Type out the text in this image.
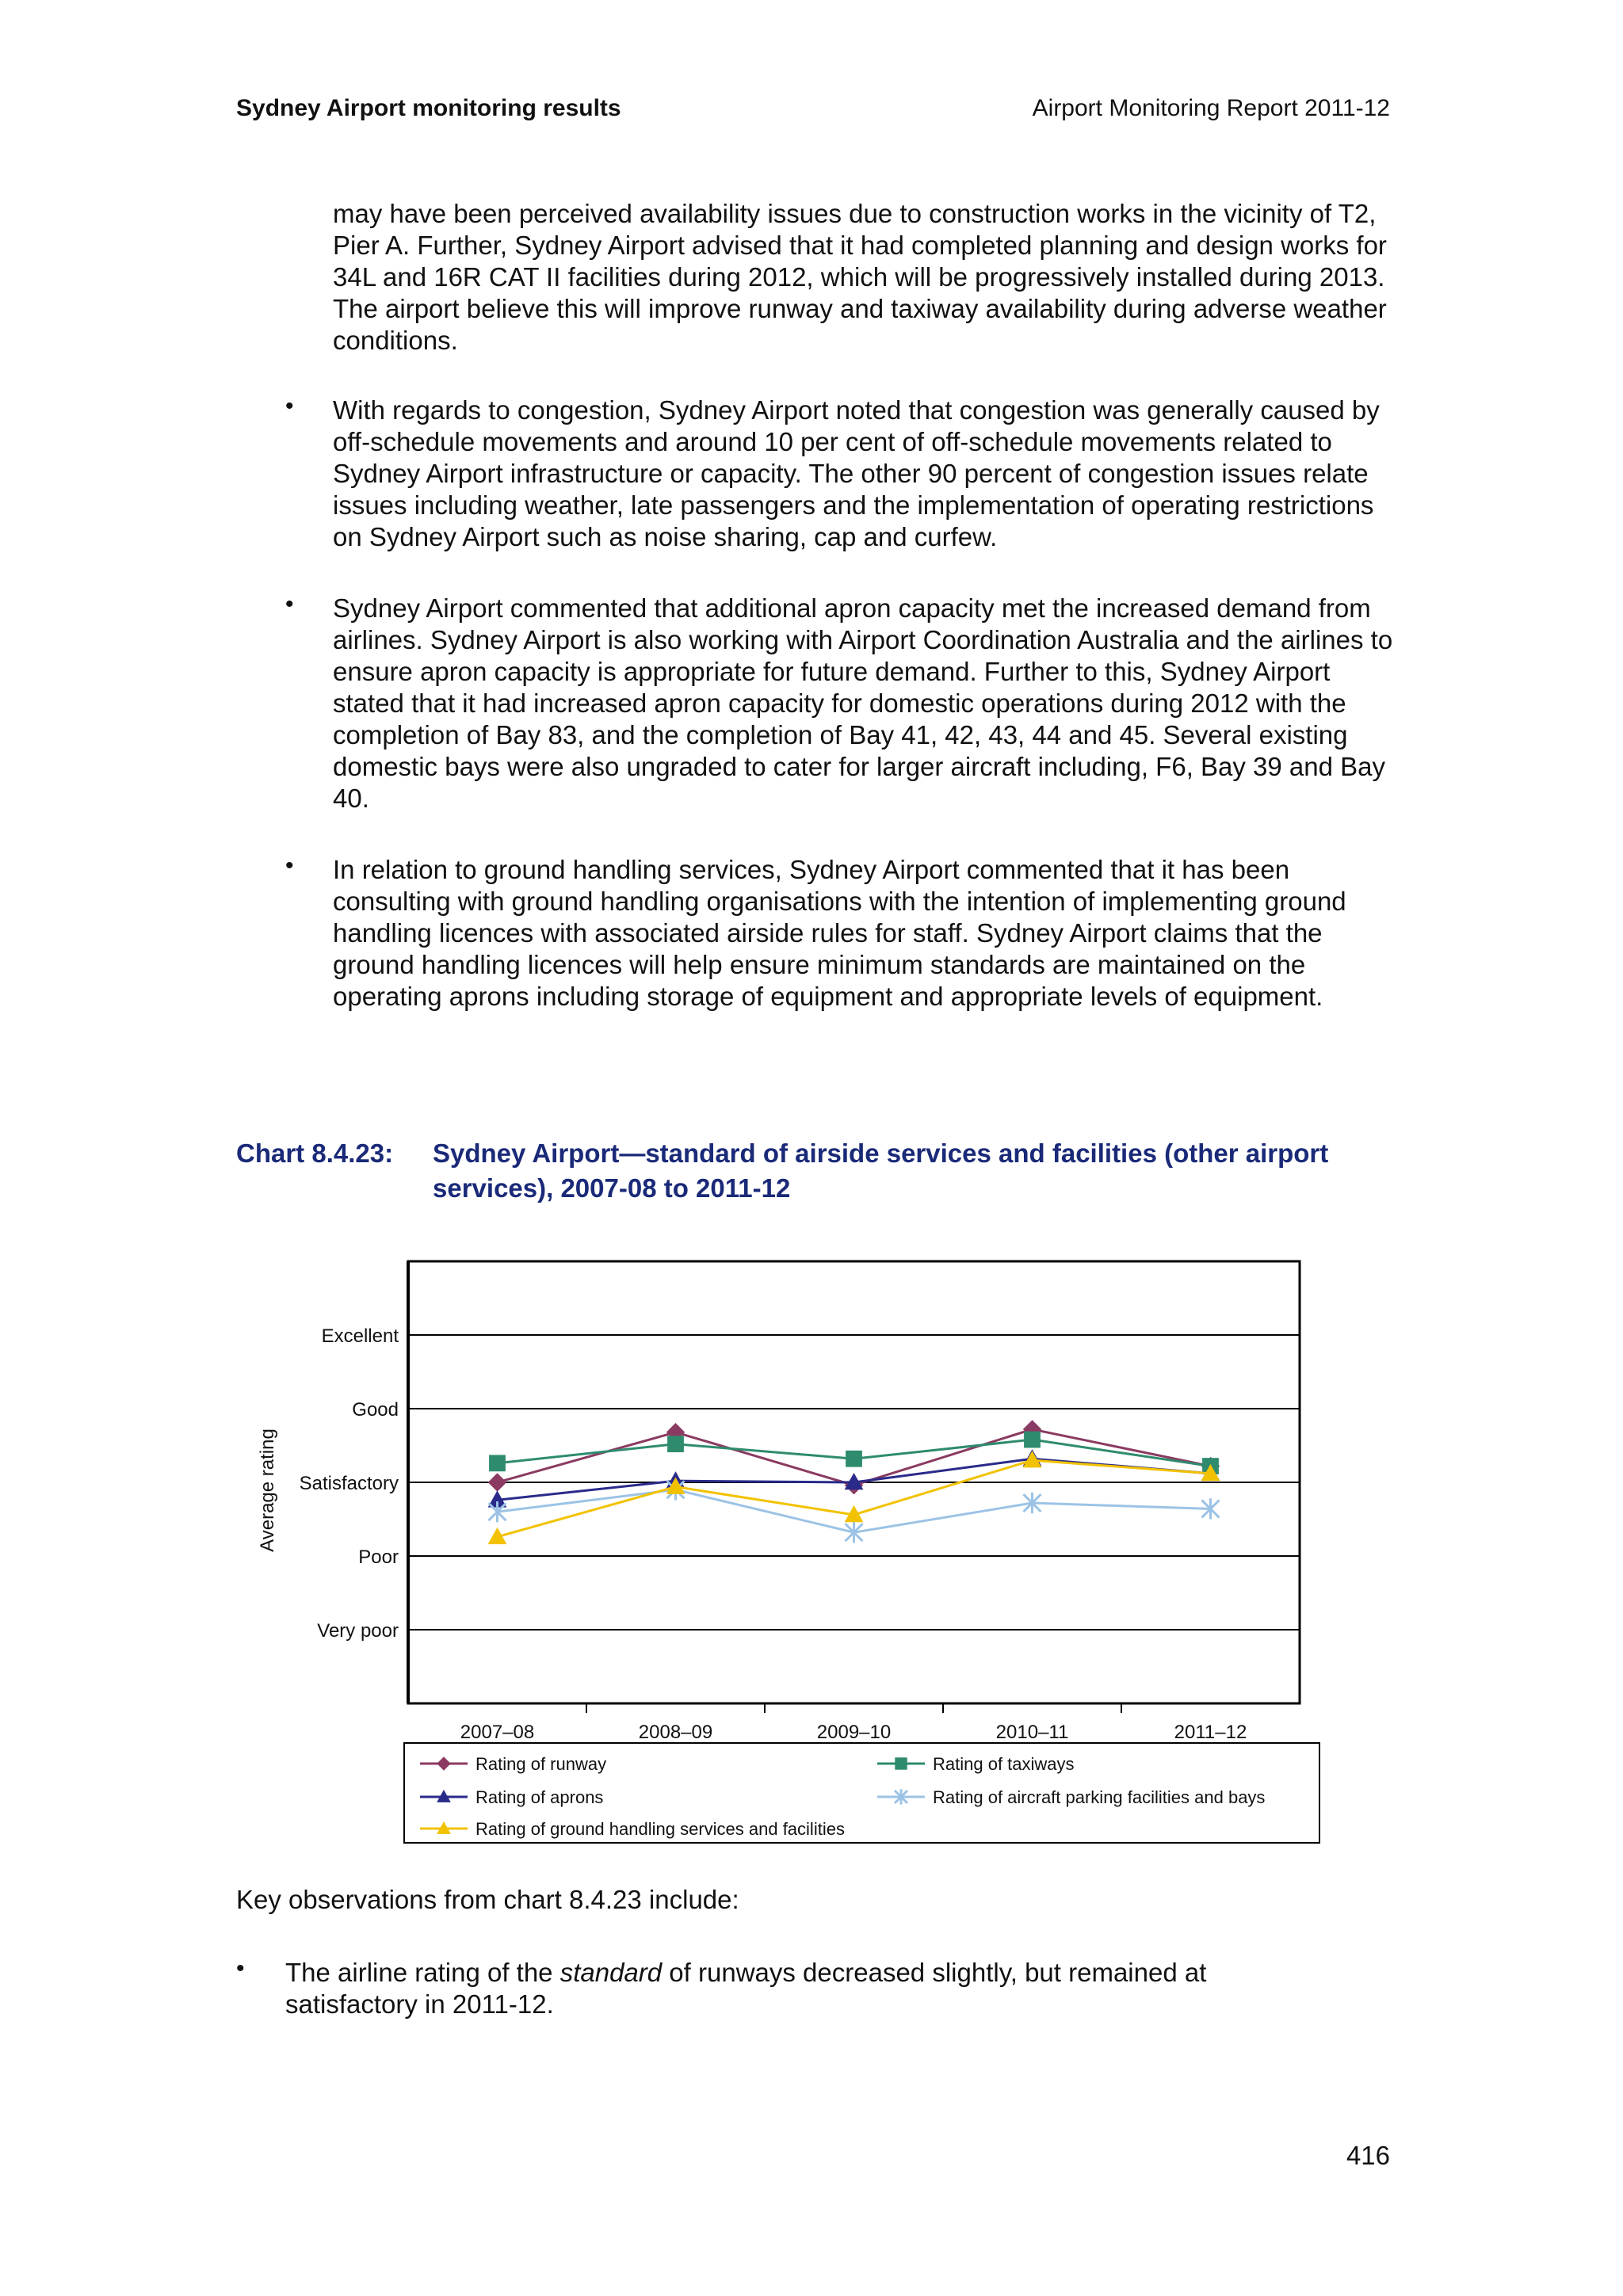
Sydney Airport monitoring results	Airport Monitoring Report 2011-12

may have been perceived availability issues due to construction works in the vicinity of T2, Pier A. Further, Sydney Airport advised that it had completed planning and design works for 34L and 16R CAT II facilities during 2012, which will be progressively installed during 2013. The airport believe this will improve runway and taxiway availability during adverse weather conditions.

• With regards to congestion, Sydney Airport noted that congestion was generally caused by off-schedule movements and around 10 per cent of off-schedule movements related to Sydney Airport infrastructure or capacity. The other 90 percent of congestion issues relate issues including weather, late passengers and the implementation of operating restrictions on Sydney Airport such as noise sharing, cap and curfew.

• Sydney Airport commented that additional apron capacity met the increased demand from airlines. Sydney Airport is also working with Airport Coordination Australia and the airlines to ensure apron capacity is appropriate for future demand. Further to this, Sydney Airport stated that it had increased apron capacity for domestic operations during 2012 with the completion of Bay 83, and the completion of Bay 41, 42, 43, 44 and 45. Several existing domestic bays were also ungraded to cater for larger aircraft including, F6, Bay 39 and Bay 40.

• In relation to ground handling services, Sydney Airport commented that it has been consulting with ground handling organisations with the intention of implementing ground handling licences with associated airside rules for staff. Sydney Airport claims that the ground handling licences will help ensure minimum standards are maintained on the operating aprons including storage of equipment and appropriate levels of equipment.

Chart 8.4.23: Sydney Airport—standard of airside services and facilities (other airport
services), 2007-08 to 2011-12
Very poor
Poor
Satisfactory
Good
Excellent
Average rating
2007–08	2008–09	2009–10	2010–11	2011–12
Rating of runway	Rating of taxiways
Rating of aprons	Rating of aircraft parking facilities and bays
Rating of ground handling services and facilities
Key observations from chart 8.4.23 include:
• The airline rating of the standard of runways decreased slightly, but remained at satisfactory in 2011-12.

416
